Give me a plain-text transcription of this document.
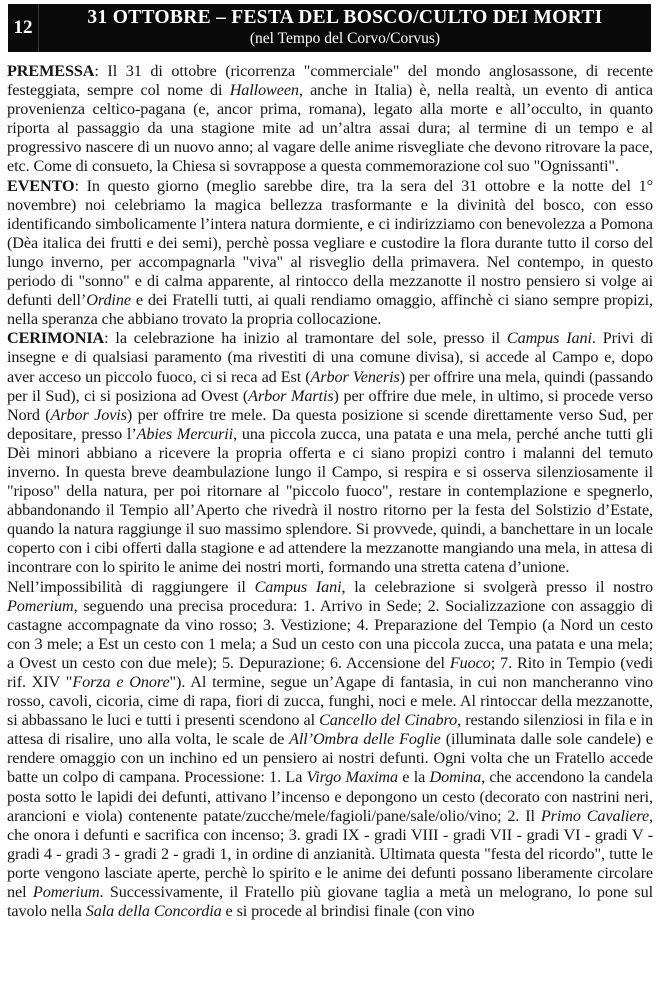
12	31 OTTOBRE – FESTA DEL BOSCO/CULTO DEI MORTI
(nel Tempo del Corvo/Corvus)

PREMESSA: Il 31 di ottobre (ricorrenza "commerciale" del mondo anglosassone, di recente festeggiata, sempre col nome di Halloween, anche in Italia) è, nella realtà, un evento di antica provenienza celtico-pagana (e, ancor prima, romana), legato alla morte e all’occulto, in quanto riporta al passaggio da una stagione mite ad un’altra assai dura; al termine di un tempo e al progressivo nascere di un nuovo anno; al vagare delle anime risvegliate che devono ritrovare la pace, etc. Come di consueto, la Chiesa si sovrappose a questa commemorazione col suo "Ognissanti".

EVENTO: In questo giorno (meglio sarebbe dire, tra la sera del 31 ottobre e la notte del 1° novembre) noi celebriamo la magica bellezza trasformante e la divinità del bosco, con esso identificando simbolicamente l’intera natura dormiente, e ci indirizziamo con benevolezza a Pomona (Dèa italica dei frutti e dei semi), perchè possa vegliare e custodire la flora durante tutto il corso del lungo inverno, per accompagnarla "viva" al risveglio della primavera. Nel contempo, in questo periodo di "sonno" e di calma apparente, al rintocco della mezzanotte il nostro pensiero si volge ai defunti dell’Ordine e dei Fratelli tutti, ai quali rendiamo omaggio, affinchè ci siano sempre propizi, nella speranza che abbiano trovato la propria collocazione.

CERIMONIA: la celebrazione ha inizio al tramontare del sole, presso il Campus Iani. Privi di insegne e di qualsiasi paramento (ma rivestiti di una comune divisa), si accede al Campo e, dopo aver acceso un piccolo fuoco, ci si reca ad Est (Arbor Veneris) per offrire una mela, quindi (passando per il Sud), ci si posiziona ad Ovest (Arbor Martis) per offrire due mele, in ultimo, si procede verso Nord (Arbor Jovis) per offrire tre mele. Da questa posizione si scende direttamente verso Sud, per depositare, presso l’Abies Mercurii, una piccola zucca, una patata e una mela, perché anche tutti gli Dèi minori abbiano a ricevere la propria offerta e ci siano propizi contro i malanni del temuto inverno. In questa breve deambulazione lungo il Campo, si respira e si osserva silenziosamente il "riposo" della natura, per poi ritornare al "piccolo fuoco", restare in contemplazione e spegnerlo, abbandonando il Tempio all’Aperto che rivedrà il nostro ritorno per la festa del Solstizio d’Estate, quando la natura raggiunge il suo massimo splendore. Si provvede, quindi, a banchettare in un locale coperto con i cibi offerti dalla stagione e ad attendere la mezzanotte mangiando una mela, in attesa di incontrare con lo spirito le anime dei nostri morti, formando una stretta catena d’unione.

Nell’impossibilità di raggiungere il Campus Iani, la celebrazione si svolgerà presso il nostro Pomerium, seguendo una precisa procedura: 1. Arrivo in Sede; 2. Socializzazione con assaggio di castagne accompagnate da vino rosso; 3. Vestizione; 4. Preparazione del Tempio (a Nord un cesto con 3 mele; a Est un cesto con 1 mela; a Sud un cesto con una piccola zucca, una patata e una mela; a Ovest un cesto con due mele); 5. Depurazione; 6. Accensione del Fuoco; 7. Rito in Tempio (vedi rif. XIV "Forza e Onore"). Al termine, segue un’Agape di fantasia, in cui non mancheranno vino rosso, cavoli, cicoria, cime di rapa, fiori di zucca, funghi, noci e mele. Al rintoccar della mezzanotte, si abbassano le luci e tutti i presenti scendono al Cancello del Cinabro, restando silenziosi in fila e in attesa di risalire, uno alla volta, le scale de All’Ombra delle Foglie (illuminata dalle sole candele) e rendere omaggio con un inchino ed un pensiero ai nostri defunti. Ogni volta che un Fratello accede batte un colpo di campana. Processione: 1. La Virgo Maxima e la Domina, che accendono la candela posta sotto le lapidi dei defunti, attivano l’incenso e depongono un cesto (decorato con nastrini neri, arancioni e viola) contenente patate/zucche/mele/fagioli/pane/sale/olio/vino; 2. Il Primo Cavaliere, che onora i defunti e sacrifica con incenso; 3. gradi IX - gradi VIII - gradi VII - gradi VI - gradi V - gradi 4 - gradi 3 - gradi 2 - gradi 1, in ordine di anzianità. Ultimata questa "festa del ricordo", tutte le porte vengono lasciate aperte, perchè lo spirito e le anime dei defunti possano liberamente circolare nel Pomerium. Successivamente, il Fratello più giovane taglia a metà un melograno, lo pone sul tavolo nella Sala della Concordia e si procede al brindisi finale (con vino
